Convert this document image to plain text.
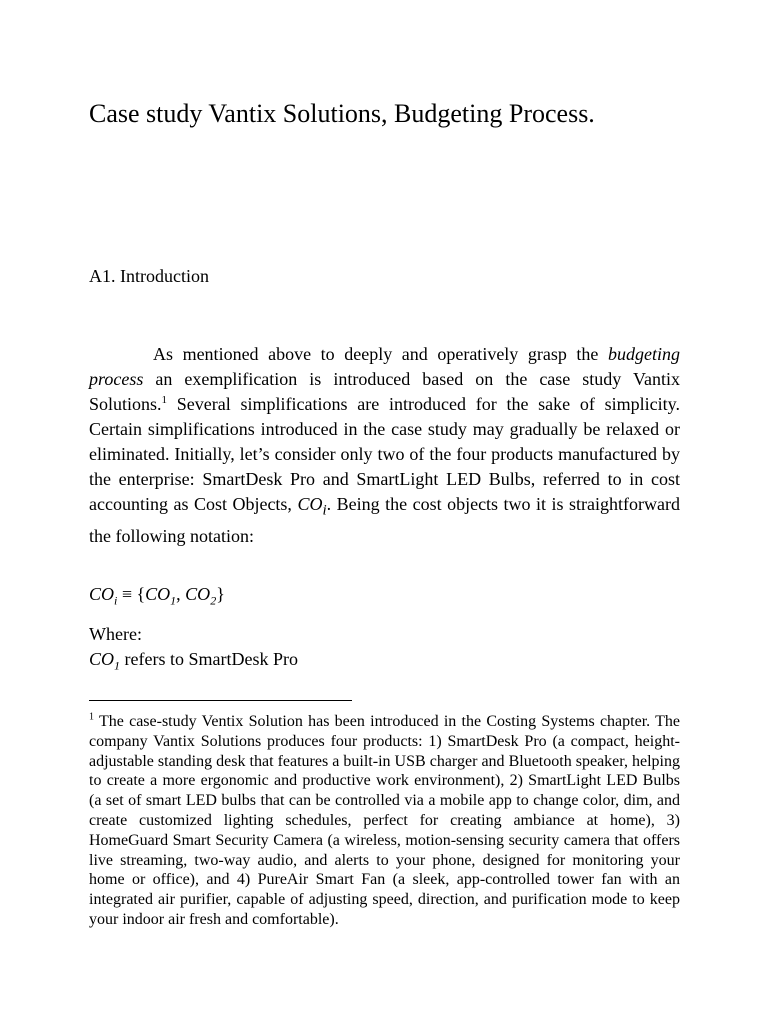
Case study Vantix Solutions, Budgeting Process.
A1. Introduction

As mentioned above to deeply and operatively grasp the budgeting process an exemplification is introduced based on the case study Vantix Solutions.$^1$ Several simplifications are introduced for the sake of simplicity. Certain simplifications introduced in the case study may gradually be relaxed or eliminated. Initially, let’s consider only two of the four products manufactured by the enterprise: SmartDesk Pro and SmartLight LED Bulbs, referred to in cost accounting as Cost Objects, $CO_i$. Being the cost objects two it is straightforward the following notation:

$CO_i \equiv \{CO_1$, $CO_2$}

Where:

$CO_1$ refers to SmartDesk Pro

$^1$ The case-study Ventix Solution has been introduced in the Costing Systems chapter. The company Vantix Solutions produces four products: 1) SmartDesk Pro (a compact, height-adjustable standing desk that features a built-in USB charger and Bluetooth speaker, helping to create a more ergonomic and productive work environment), 2) SmartLight LED Bulbs (a set of smart LED bulbs that can be controlled via a mobile app to change color, dim, and create customized lighting schedules, perfect for creating ambiance at home), 3) HomeGuard Smart Security Camera (a wireless, motion-sensing security camera that offers live streaming, two-way audio, and alerts to your phone, designed for monitoring your home or office), and 4) PureAir Smart Fan (a sleek, app-controlled tower fan with an integrated air purifier, capable of adjusting speed, direction, and purification mode to keep your indoor air fresh and comfortable).
